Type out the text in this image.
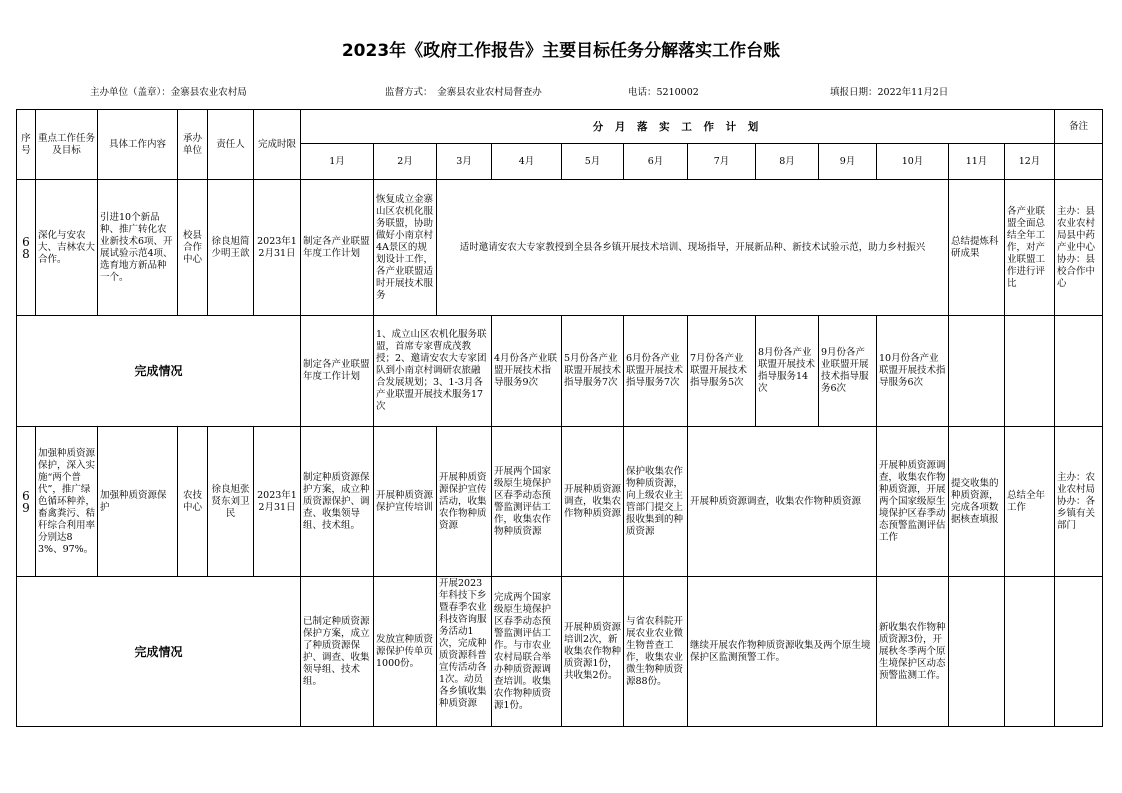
2023年《政府工作报告》主要目标任务分解落实工作台账
主办单位（盖章）：金寨县农业农村局	监督方式：　金寨县农业农村局督查办	电话：5210002	填报日期：2022年11月2日
序号	重点工作任务及目标	具体工作内容	承办单位	责任人	完成时限	分 月 落 实 工 作 计 划												备注
						1月	2月	3月	4月	5月	6月	7月	8月	9月	10月	11月	12月	
68	深化与安农大、吉林农大合作。	引进10个新品种、推广转化农业新技术6项、开展试验示范4项、选育地方新品种一个。	校县合作中心	徐良旭简少明王歆	2023年12月31日	制定各产业联盟年度工作计划	恢复成立金寨山区农机化服务联盟，协助做好小南京村4A景区的规划设计工作，各产业联盟适时开展技术服务	适时邀请安农大专家教授到全县各乡镇开展技术培训、现场指导，开展新品种、新技术试验示范，助力乡村振兴								总结提炼科研成果	各产业联盟全面总结全年工作，对产业联盟工作进行评比	主办：县农业农村局县中药产业中心协办：县校合作中心
完成情况						制定各产业联盟年度工作计划	1、成立山区农机化服务联盟，首席专家曹成茂教授；2、邀请安农大专家团队到小南京村调研农旅融合发展规划；3、1-3月各产业联盟开展技术服务17次		4月份各产业联盟开展技术指导服务9次	5月份各产业联盟开展技术指导服务7次	6月份各产业联盟开展技术指导服务7次	7月份各产业联盟开展技术指导服务5次	8月份各产业联盟开展技术指导服务14次	9月份各产业联盟开展技术指导服务6次	10月份各产业联盟开展技术指导服务6次			
69	加强种质资源保护，深入实施“两个普代”，推广绿色循环种养，畜禽粪污、秸秆综合利用率分别达83%、97%。	加强种质资源保护	农技中心	徐良旭张贤东刘卫民	2023年12月31日	制定种质资源保护方案，成立种质资源保护、调查、收集领导组、技术组。	开展种质资源保护宣传培训	开展种质资源保护宣传活动，收集农作物种质资源	开展两个国家级原生境保护区春季动态预警监测评估工作，收集农作物种质资源	开展种质资源调查，收集农作物种质资源	保护收集农作物种质资源，向上级农业主管部门提交上报收集到的种质资源	开展种质资源调查，收集农作物种质资源			开展种质资源调查，收集农作物种质资源，开展两个国家级原生境保护区春季动态预警监测评估工作	提交收集的种质资源，完成各项数据核查填报	总结全年工作	主办：农业农村局协办：各乡镇有关部门
完成情况						已制定种质资源保护方案，成立了种质资源保护、调查、收集领导组、技术组。	发放宣种质资源保护传单页1000份。	开展2023年科技下乡暨春季农业科技咨询服务活动1次，完成种质资源科普宣传活动各1次。动员各乡镇收集种质资源	完成两个国家级原生境保护区春季动态预警监测评估工作。与市农业农村局联合举办种质资源调查培训。收集农作物种质资源1份。	开展种质资源培训2次，新收集农作物种质资源1份，共收集2份。	与省农科院开展农业农业微生物普查工作，收集农业微生物种质资源88份。	继续开展农作物种质资源收集及两个原生境保护区监测预警工作。			新收集农作物种质资源3份，开展秋冬季两个原生境保护区动态预警监测工作。			
